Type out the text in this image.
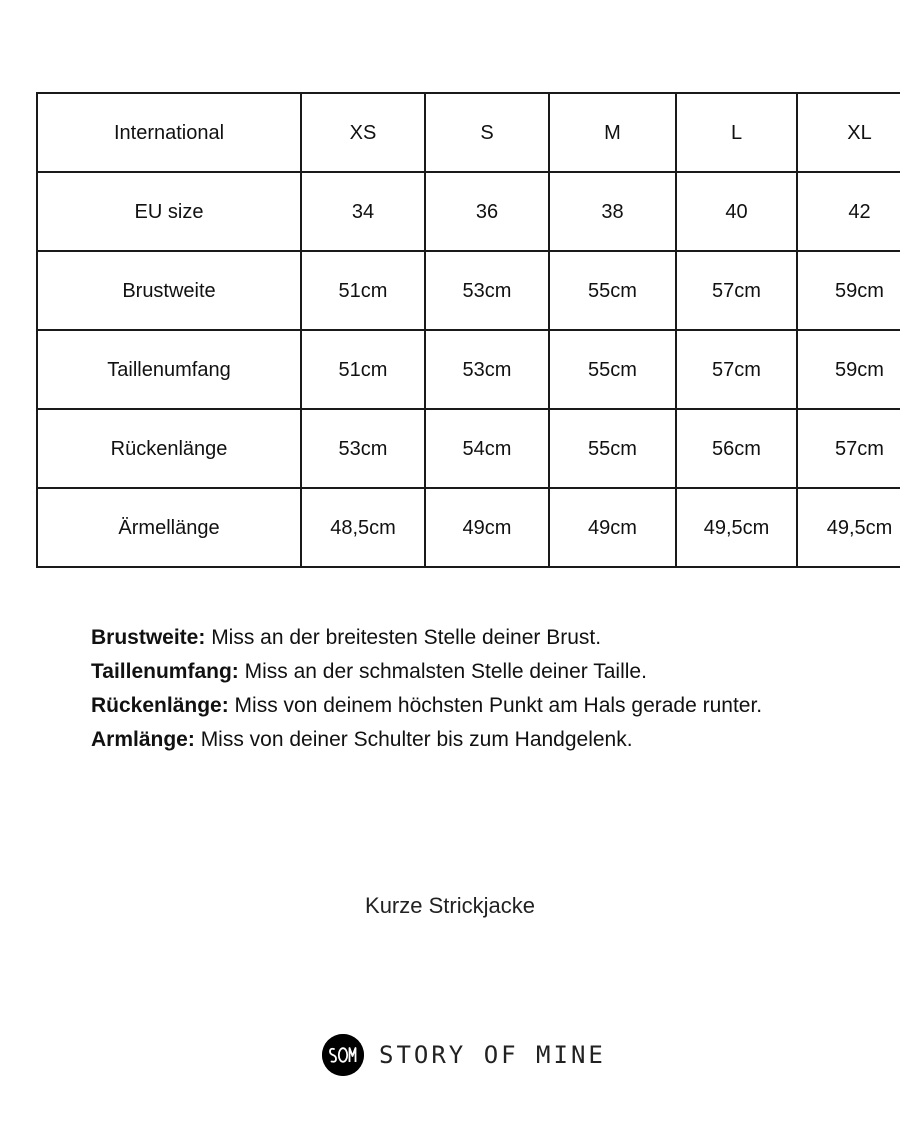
International	XS	S	M	L	XL
EU size	34	36	38	40	42
Brustweite	51cm	53cm	55cm	57cm	59cm
Taillenumfang	51cm	53cm	55cm	57cm	59cm
Rückenlänge	53cm	54cm	55cm	56cm	57cm
Ärmellänge	48,5cm	49cm	49cm	49,5cm	49,5cm

Brustweite: Miss an der breitesten Stelle deiner Brust.

Taillenumfang: Miss an der schmalsten Stelle deiner Taille.

Rückenlänge: Miss von deinem höchsten Punkt am Hals gerade runter.

Armlänge: Miss von deiner Schulter bis zum Handgelenk.

Kurze Strickjacke
STORY OF MINE
